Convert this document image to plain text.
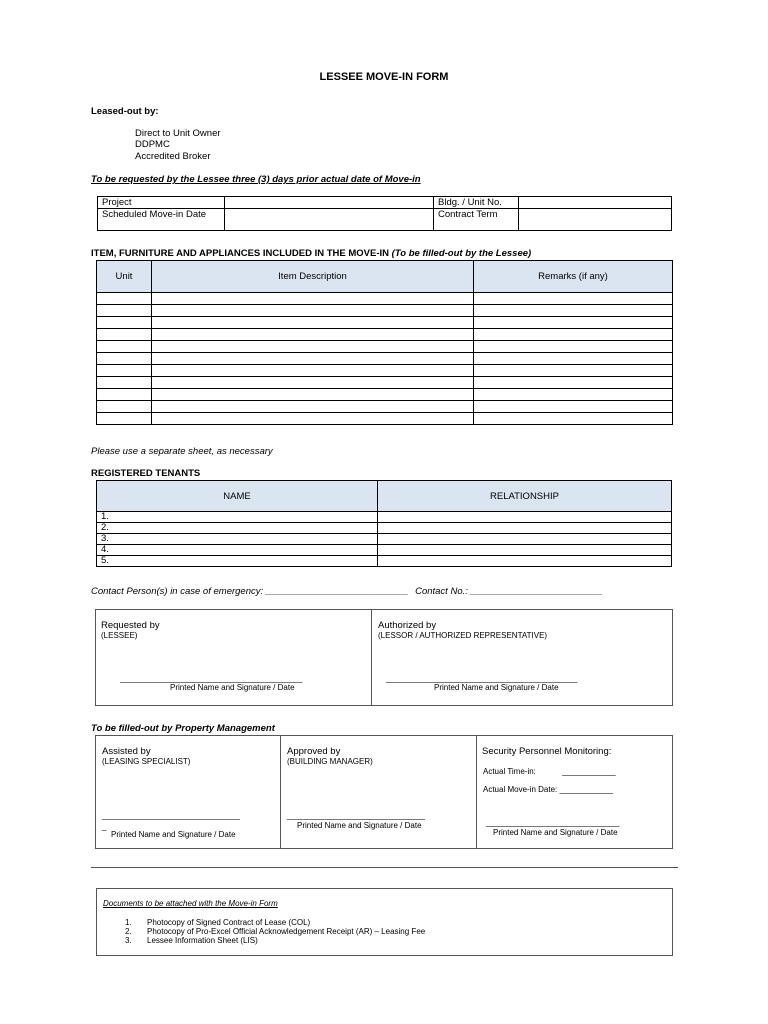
LESSEE MOVE-IN FORM
Leased-out by:
Direct to Unit Owner
DDPMC
Accredited Broker
To be requested by the Lessee three (3) days prior actual date of Move-in
Project		Bldg. / Unit No.	
Scheduled Move-in Date		Contract Term	
ITEM, FURNITURE AND APPLIANCES INCLUDED IN THE MOVE-IN (To be filled-out by the Lessee)
Unit	Item Description	Remarks (if any)

Please use a separate sheet, as necessary
REGISTERED TENANTS
NAME	RELATIONSHIP
1.	
2.	
3.	
4.	
5.	
Contact Person(s) in case of emergency: ___________________________ Contact No.: _________________________
Requested by
(LESSEE)
Authorized by
(LESSOR / AUTHORIZED REPRESENTATIVE)
_________________________________________
Printed Name and Signature / Date
___________________________________________
Printed Name and Signature / Date
To be filled-out by Property Management
Assisted by
(LEASING SPECIALIST)
_______________________________
_
Printed Name and Signature / Date
Approved by
(BUILDING MANAGER)
_______________________________
Printed Name and Signature / Date
Security Personnel Monitoring:
Actual Time-in:	____________
Actual Move-in Date: ____________
______________________________
Printed Name and Signature / Date
Documents to be attached with the Move-in Form
1. Photocopy of Signed Contract of Lease (COL)
2. Photocopy of Pro-Excel Official Acknowledgement Receipt (AR) – Leasing Fee
3. Lessee Information Sheet (LIS)
